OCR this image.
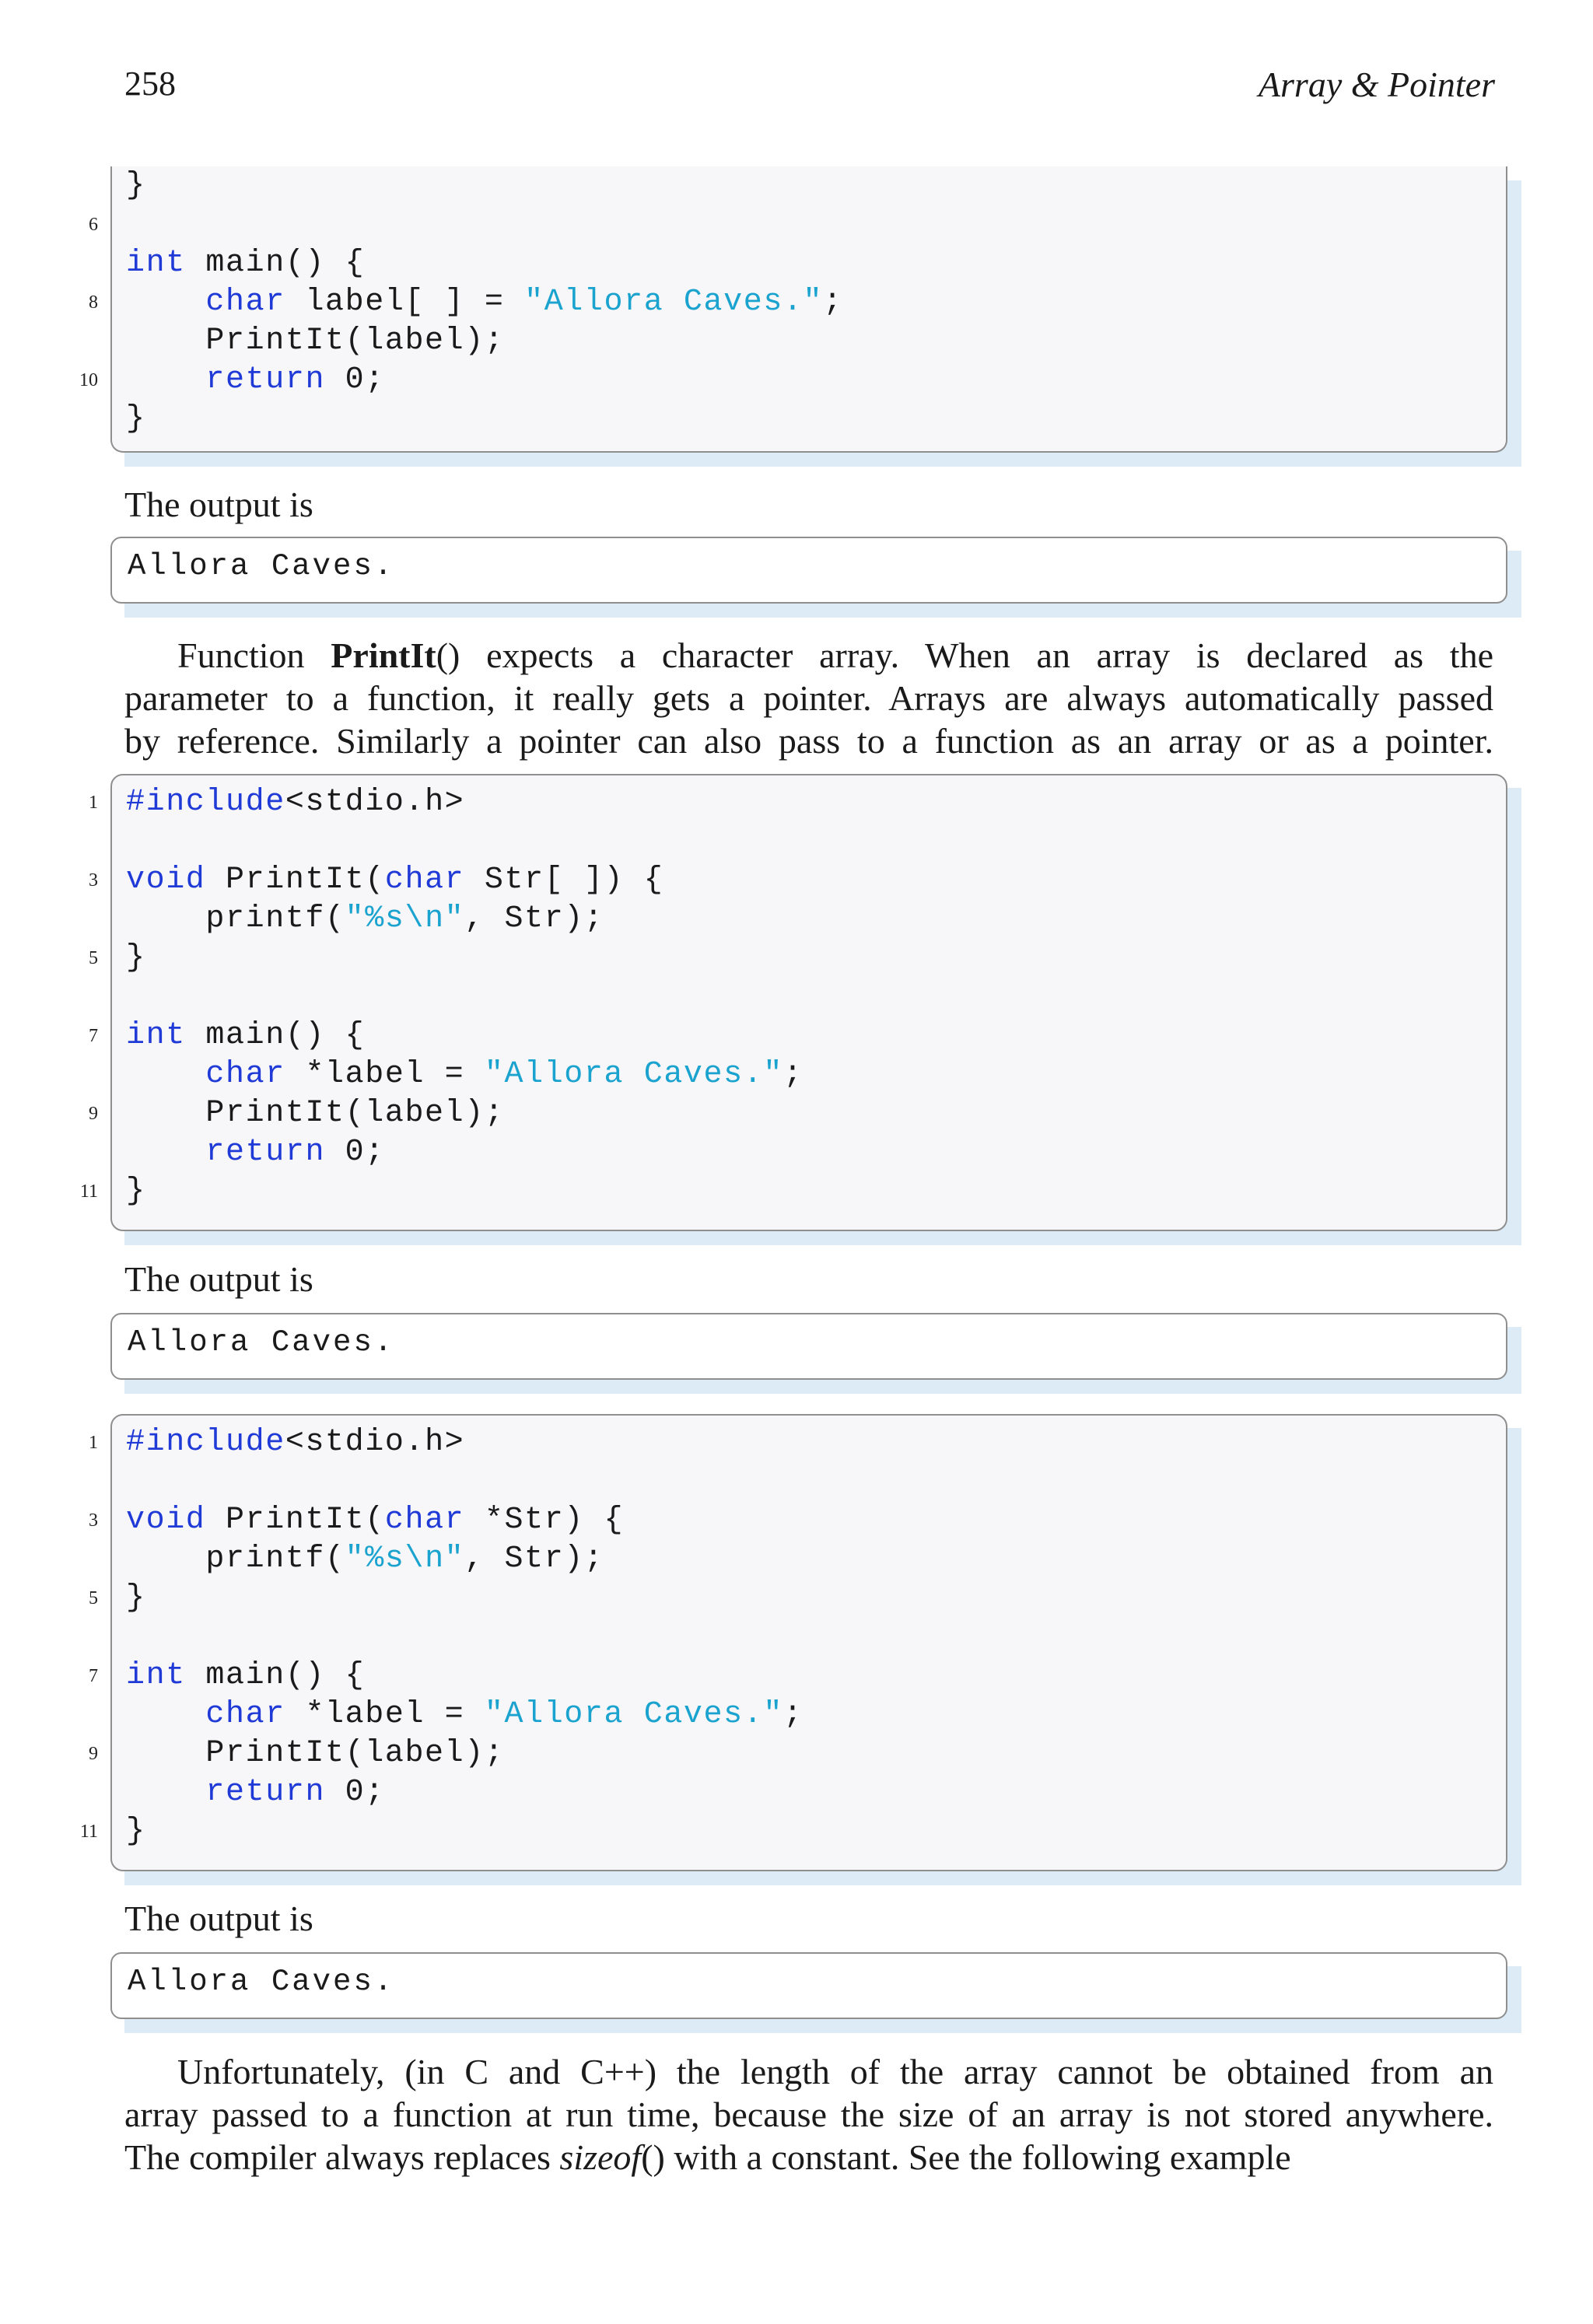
258	Array & Pointer
}
6
int main() {
8	char label[ ] = "Allora Caves.";
PrintIt(label);
10	return 0;
}
The output is
Allora Caves.
Function PrintIt() expects a character array. When an array is declared as the
parameter to a function, it really gets a pointer. Arrays are always automatically passed
by reference. Similarly a pointer can also pass to a function as an array or as a pointer.
1 #include<stdio.h>
3 void PrintIt(char Str[ ]) {
printf("%s\n", Str);
5 }
7 int main() {
char *label = "Allora Caves.";
9 PrintIt(label);
return 0;
11 }
The output is
Allora Caves.
1 #include<stdio.h>
3 void PrintIt(char *Str) {
printf("%s\n", Str);
5 }
7 int main() {
char *label = "Allora Caves.";
9 PrintIt(label);
return 0;
11 }
The output is
Allora Caves.
Unfortunately, (in C and C++) the length of the array cannot be obtained from an
array passed to a function at run time, because the size of an array is not stored anywhere.
The compiler always replaces sizeof() with a constant. See the following example
